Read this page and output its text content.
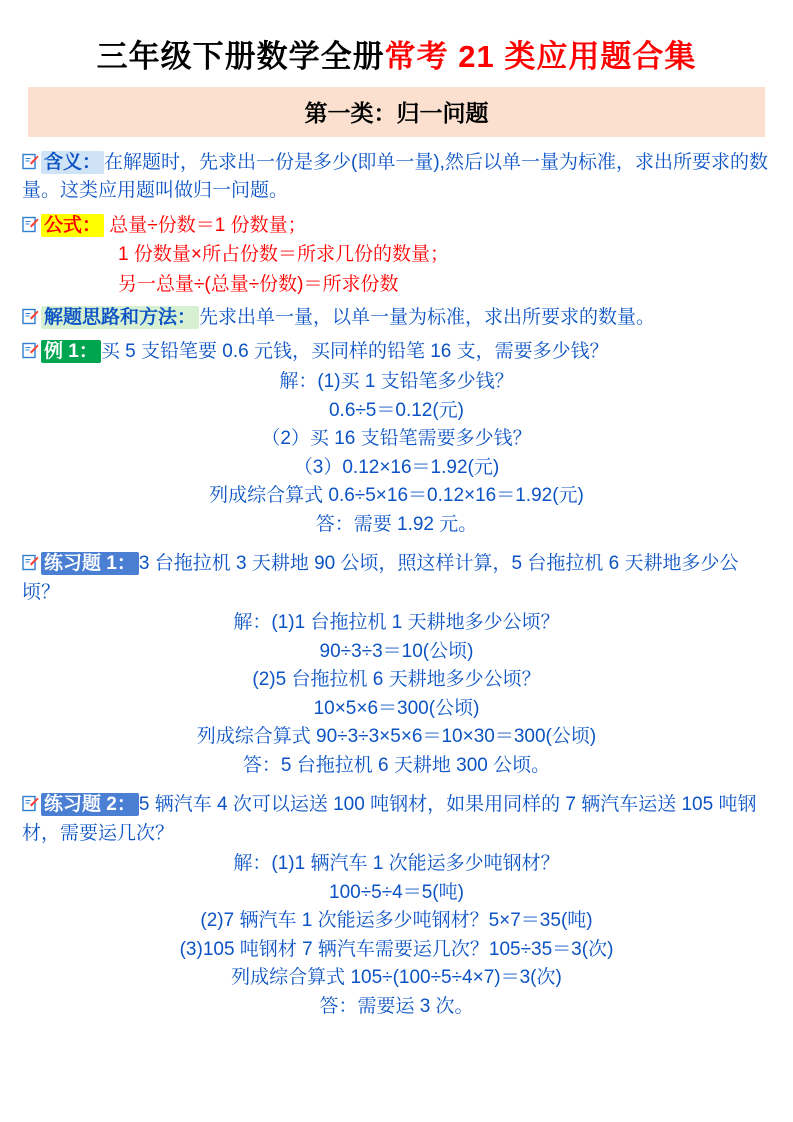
三年级下册数学全册常考 21 类应用题合集
第一类：归一问题
含义： 在解题时，先求出一份是多少(即单一量),然后以单一量为标准，求出所要求的数量。这类应用题叫做归一问题。
公式： 总量÷份数＝1 份数量；
1 份数量×所占份数＝所求几份的数量；
另一总量÷(总量÷份数)＝所求份数
解题思路和方法： 先求出单一量，以单一量为标准，求出所要求的数量。
例 1： 买 5 支铅笔要 0.6 元钱，买同样的铅笔 16 支，需要多少钱？
解：(1)买 1 支铅笔多少钱？
0.6÷5＝0.12(元)
（2）买 16 支铅笔需要多少钱？
（3）0.12×16＝1.92(元)
列成综合算式 0.6÷5×16＝0.12×16＝1.92(元)
答：需要 1.92 元。
练习题 1： 3 台拖拉机 3 天耕地 90 公顷，照这样计算，5 台拖拉机 6 天耕地多少公顷？
解：(1)1 台拖拉机 1 天耕地多少公顷？
90÷3÷3＝10(公顷)
(2)5 台拖拉机 6 天耕地多少公顷？
10×5×6＝300(公顷)
列成综合算式 90÷3÷3×5×6＝10×30＝300(公顷)
答：5 台拖拉机 6 天耕地 300 公顷。
练习题 2： 5 辆汽车 4 次可以运送 100 吨钢材，如果用同样的 7 辆汽车运送 105 吨钢材，需要运几次？
解：(1)1 辆汽车 1 次能运多少吨钢材？
100÷5÷4＝5(吨)
(2)7 辆汽车 1 次能运多少吨钢材？5×7＝35(吨)
(3)105 吨钢材 7 辆汽车需要运几次？105÷35＝3(次)
列成综合算式 105÷(100÷5÷4×7)＝3(次)
答：需要运 3 次。
